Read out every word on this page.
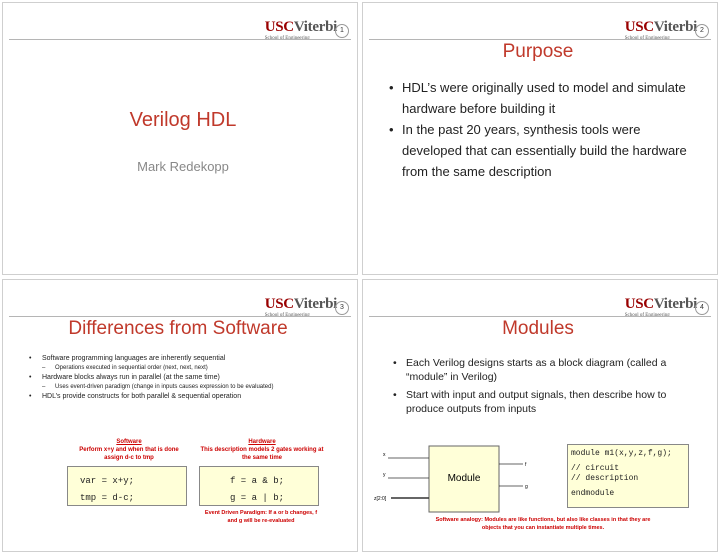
USCViterbi 1
Verilog HDL
Mark Redekopp
USCViterbi 2
Purpose
• HDL’s were originally used to model and simulate hardware before building it
• In the past 20 years, synthesis tools were developed that can essentially build the hardware from the same description
USCViterbi 3
Differences from Software
• Software programming languages are inherently sequential
– Operations executed in sequential order (next, next, next)
• Hardware blocks always run in parallel (at the same time)
– Uses event-driven paradigm (change in inputs causes expression to be evaluated)
• HDL’s provide constructs for both parallel & sequential operation
Software
Perform x+y and when that is done assign d-c to tmp
Hardware
This description models 2 gates working at the same time
var = x+y;
tmp = d-c;
f = a & b;
g = a | b;
Event Driven Paradigm: If a or b changes, f and g will be re-evaluated
USCViterbi 4
Modules
• Each Verilog designs starts as a block diagram (called a “module” in Verilog)
• Start with input and output signals, then describe how to produce outputs from inputs
Module
x
y
z[2:0]
f
g
module m1(x,y,z,f,g);
// circuit
// description
endmodule
Software analogy: Modules are like functions, but also like classes in that they are objects that you can instantiate multiple times.
